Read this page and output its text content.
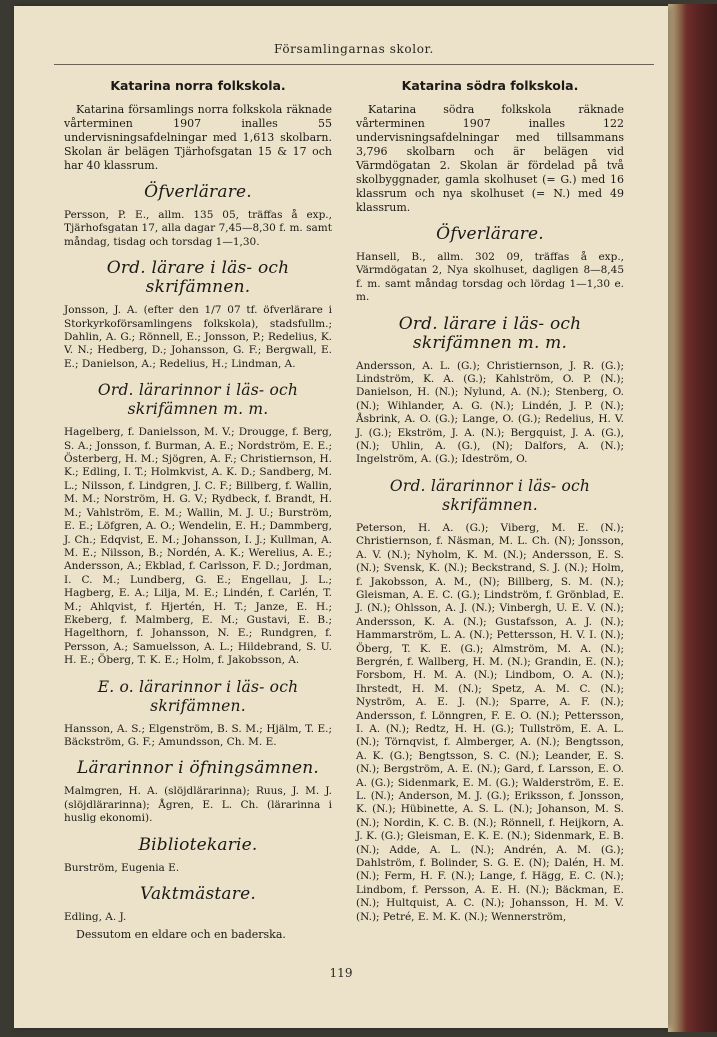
Församlingarnas skolor.
Katarina norra folkskola.

Katarina församlings norra folkskola räknade vårterminen 1907 inalles 55 undervisningsafdelningar med 1,613 skolbarn. Skolan är belägen Tjärhofsgatan 15 & 17 och har 40 klassrum.

Öfverlärare.

Persson, P. E., allm. 135 05, träffas å exp., Tjärhofsgatan 17, alla dagar 7,45—8,30 f. m. samt måndag, tisdag och torsdag 1—1,30.

Ord. lärare i läs- och skrifämnen.

Jonsson, J. A. (efter den 1/7 07 tf. öfverlärare i Storkyrkoförsamlingens folkskola), stadsfullm.; Dahlin, A. G.; Rönnell, E.; Jonsson, P.; Redelius, K. V. N.; Hedberg, D.; Johansson, G. F.; Bergwall, E. E.; Danielson, A.; Redelius, H.; Lindman, A.

Ord. lärarinnor i läs- och skrifämnen m. m.

Hagelberg, f. Danielsson, M. V.; Drougge, f. Berg, S. A.; Jonsson, f. Burman, A. E.; Nordström, E. E.; Österberg, H. M.; Sjögren, A. F.; Christiernson, H. K.; Edling, I. T.; Holmkvist, A. K. D.; Sandberg, M. L.; Nilsson, f. Lindgren, J. C. F.; Billberg, f. Wallin, M. M.; Norström, H. G. V.; Rydbeck, f. Brandt, H. M.; Vahlström, E. M.; Wallin, M. J. U.; Burström, E. E.; Löfgren, A. O.; Wendelin, E. H.; Dammberg, J. Ch.; Edqvist, E. M.; Johansson, I. J.; Kullman, A. M. E.; Nilsson, B.; Nordén, A. K.; Werelius, A. E.; Andersson, A.; Ekblad, f. Carlsson, F. D.; Jordman, I. C. M.; Lundberg, G. E.; Engellau, J. L.; Hagberg, E. A.; Lilja, M. E.; Lindén, f. Carlén, T. M.; Ahlqvist, f. Hjertén, H. T.; Janze, E. H.; Ekeberg, f. Malmberg, E. M.; Gustavi, E. B.; Hagelthorn, f. Johansson, N. E.; Rundgren, f. Persson, A.; Samuelsson, A. L.; Hildebrand, S. U. H. E.; Öberg, T. K. E.; Holm, f. Jakobsson, A.

E. o. lärarinnor i läs- och skrifämnen.

Hansson, A. S.; Elgenström, B. S. M.; Hjälm, T. E.; Bäckström, G. F.; Amundsson, Ch. M. E.

Lärarinnor i öfningsämnen.

Malmgren, H. A. (slöjdlärarinna); Ruus, J. M. J. (slöjdlärarinna); Ågren, E. L. Ch. (lärarinna i huslig ekonomi).

Bibliotekarie.

Burström, Eugenia E.

Vaktmästare.

Edling, A. J.

Dessutom en eldare och en baderska.

Katarina södra folkskola.

Katarina södra folkskola räknade vårterminen 1907 inalles 122 undervisningsafdelningar med tillsammans 3,796 skolbarn och är belägen vid Värmdögatan 2. Skolan är fördelad på två skolbyggnader, gamla skolhuset (= G.) med 16 klassrum och nya skolhuset (= N.) med 49 klassrum.

Öfverlärare.

Hansell, B., allm. 302 09, träffas å exp., Värmdögatan 2, Nya skolhuset, dagligen 8—8,45 f. m. samt måndag torsdag och lördag 1—1,30 e. m.

Ord. lärare i läs- och skrifämnen m. m.

Andersson, A. L. (G.); Christiernson, J. R. (G.); Lindström, K. A. (G.); Kahlström, O. P. (N.); Danielson, H. (N.); Nylund, A. (N.); Stenberg, O. (N.); Wihlander, A. G. (N.); Lindén, J. P. (N.); Åsbrink, A. O. (G.); Lange, O. (G.); Redelius, H. V. J. (G.); Ekström, J. A. (N.); Bergquist, J. A. (G.), (N.); Uhlin, A. (G.), (N); Dalfors, A. (N.); Ingelström, A. (G.); Ideström, O.

Ord. lärarinnor i läs- och skrifämnen.

Peterson, H. A. (G.); Viberg, M. E. (N.); Christiernson, f. Näsman, M. L. Ch. (N); Jonsson, A. V. (N.); Nyholm, K. M. (N.); Andersson, E. S. (N.); Svensk, K. (N.); Beckstrand, S. J. (N.); Holm, f. Jakobsson, A. M., (N); Billberg, S. M. (N.); Gleisman, A. E. C. (G.); Lindström, f. Grönblad, E. J. (N.); Ohlsson, A. J. (N.); Vinbergh, U. E. V. (N.); Andersson, K. A. (N.); Gustafsson, A. J. (N.); Hammarström, L. A. (N.); Pettersson, H. V. I. (N.); Öberg, T. K. E. (G.); Almström, M. A. (N.); Bergrén, f. Wallberg, H. M. (N.); Grandin, E. (N.); Forsbom, H. M. A. (N.); Lindbom, O. A. (N.); Ihrstedt, H. M. (N.); Spetz, A. M. C. (N.); Nyström, A. E. J. (N.); Sparre, A. F. (N.); Andersson, f. Lönngren, F. E. O. (N.); Pettersson, I. A. (N.); Redtz, H. H. (G.); Tullström, E. A. L. (N.); Törnqvist, f. Almberger, A. (N.); Bengtsson, A. K. (G.); Bengtsson, S. C. (N.); Leander, E. S. (N.); Bergström, A. E. (N.); Gard, f. Larsson, E. O. A. (G.); Sidenmark, E. M. (G.); Walderström, E. E. L. (N.); Anderson, M. J. (G.); Eriksson, f. Jonsson, K. (N.); Hübinette, A. S. L. (N.); Johanson, M. S. (N.); Nordin, K. C. B. (N.); Rönnell, f. Heijkorn, A. J. K. (G.); Gleisman, E. K. E. (N.); Sidenmark, E. B. (N.); Adde, A. L. (N.); Andrén, A. M. (G.); Dahlström, f. Bolinder, S. G. E. (N); Dalén, H. M. (N.); Ferm, H. F. (N.); Lange, f. Hägg, E. C. (N.); Lindbom, f. Persson, A. E. H. (N.); Bäckman, E. (N.); Hultquist, A. C. (N.); Johansson, H. M. V. (N.); Petré, E. M. K. (N.); Wennerström,

119
